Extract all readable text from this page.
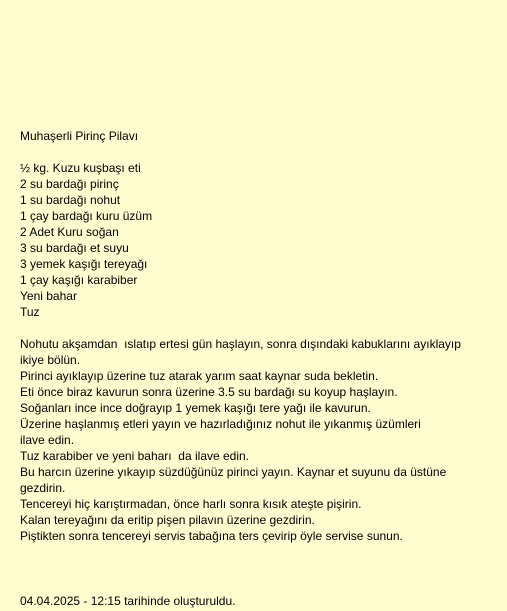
Muhaşerli Pirinç Pilavı

½ kg. Kuzu kuşbaşı eti

2 su bardağı pirinç

1 su bardağı nohut

1 çay bardağı kuru üzüm

2 Adet Kuru soğan

3 su bardağı et suyu

3 yemek kaşığı tereyağı

1 çay kaşığı karabiber

Yeni bahar

Tuz

Nohutu akşamdan  ıslatıp ertesi gün haşlayın, sonra dışındaki kabuklarını ayıklayıp

ikiye bölün.

Pirinci ayıklayıp üzerine tuz atarak yarım saat kaynar suda bekletin.

Eti önce biraz kavurun sonra üzerine 3.5 su bardağı su koyup haşlayın.

Soğanları ince ince doğrayıp 1 yemek kaşığı tere yağı ile kavurun.

Üzerine haşlanmış etleri yayın ve hazırladığınız nohut ile yıkanmış üzümleri

ilave edin.

Tuz karabiber ve yeni baharı  da ilave edin.

Bu harcın üzerine yıkayıp süzdüğünüz pirinci yayın. Kaynar et suyunu da üstüne

gezdirin.

Tencereyi hiç karıştırmadan, önce harlı sonra kısık ateşte pişirin.

Kalan tereyağını da eritip pişen pilavın üzerine gezdirin.

Piştikten sonra tencereyi servis tabağına ters çevirip öyle servise sunun.

04.04.2025 - 12:15 tarihinde oluşturuldu.
